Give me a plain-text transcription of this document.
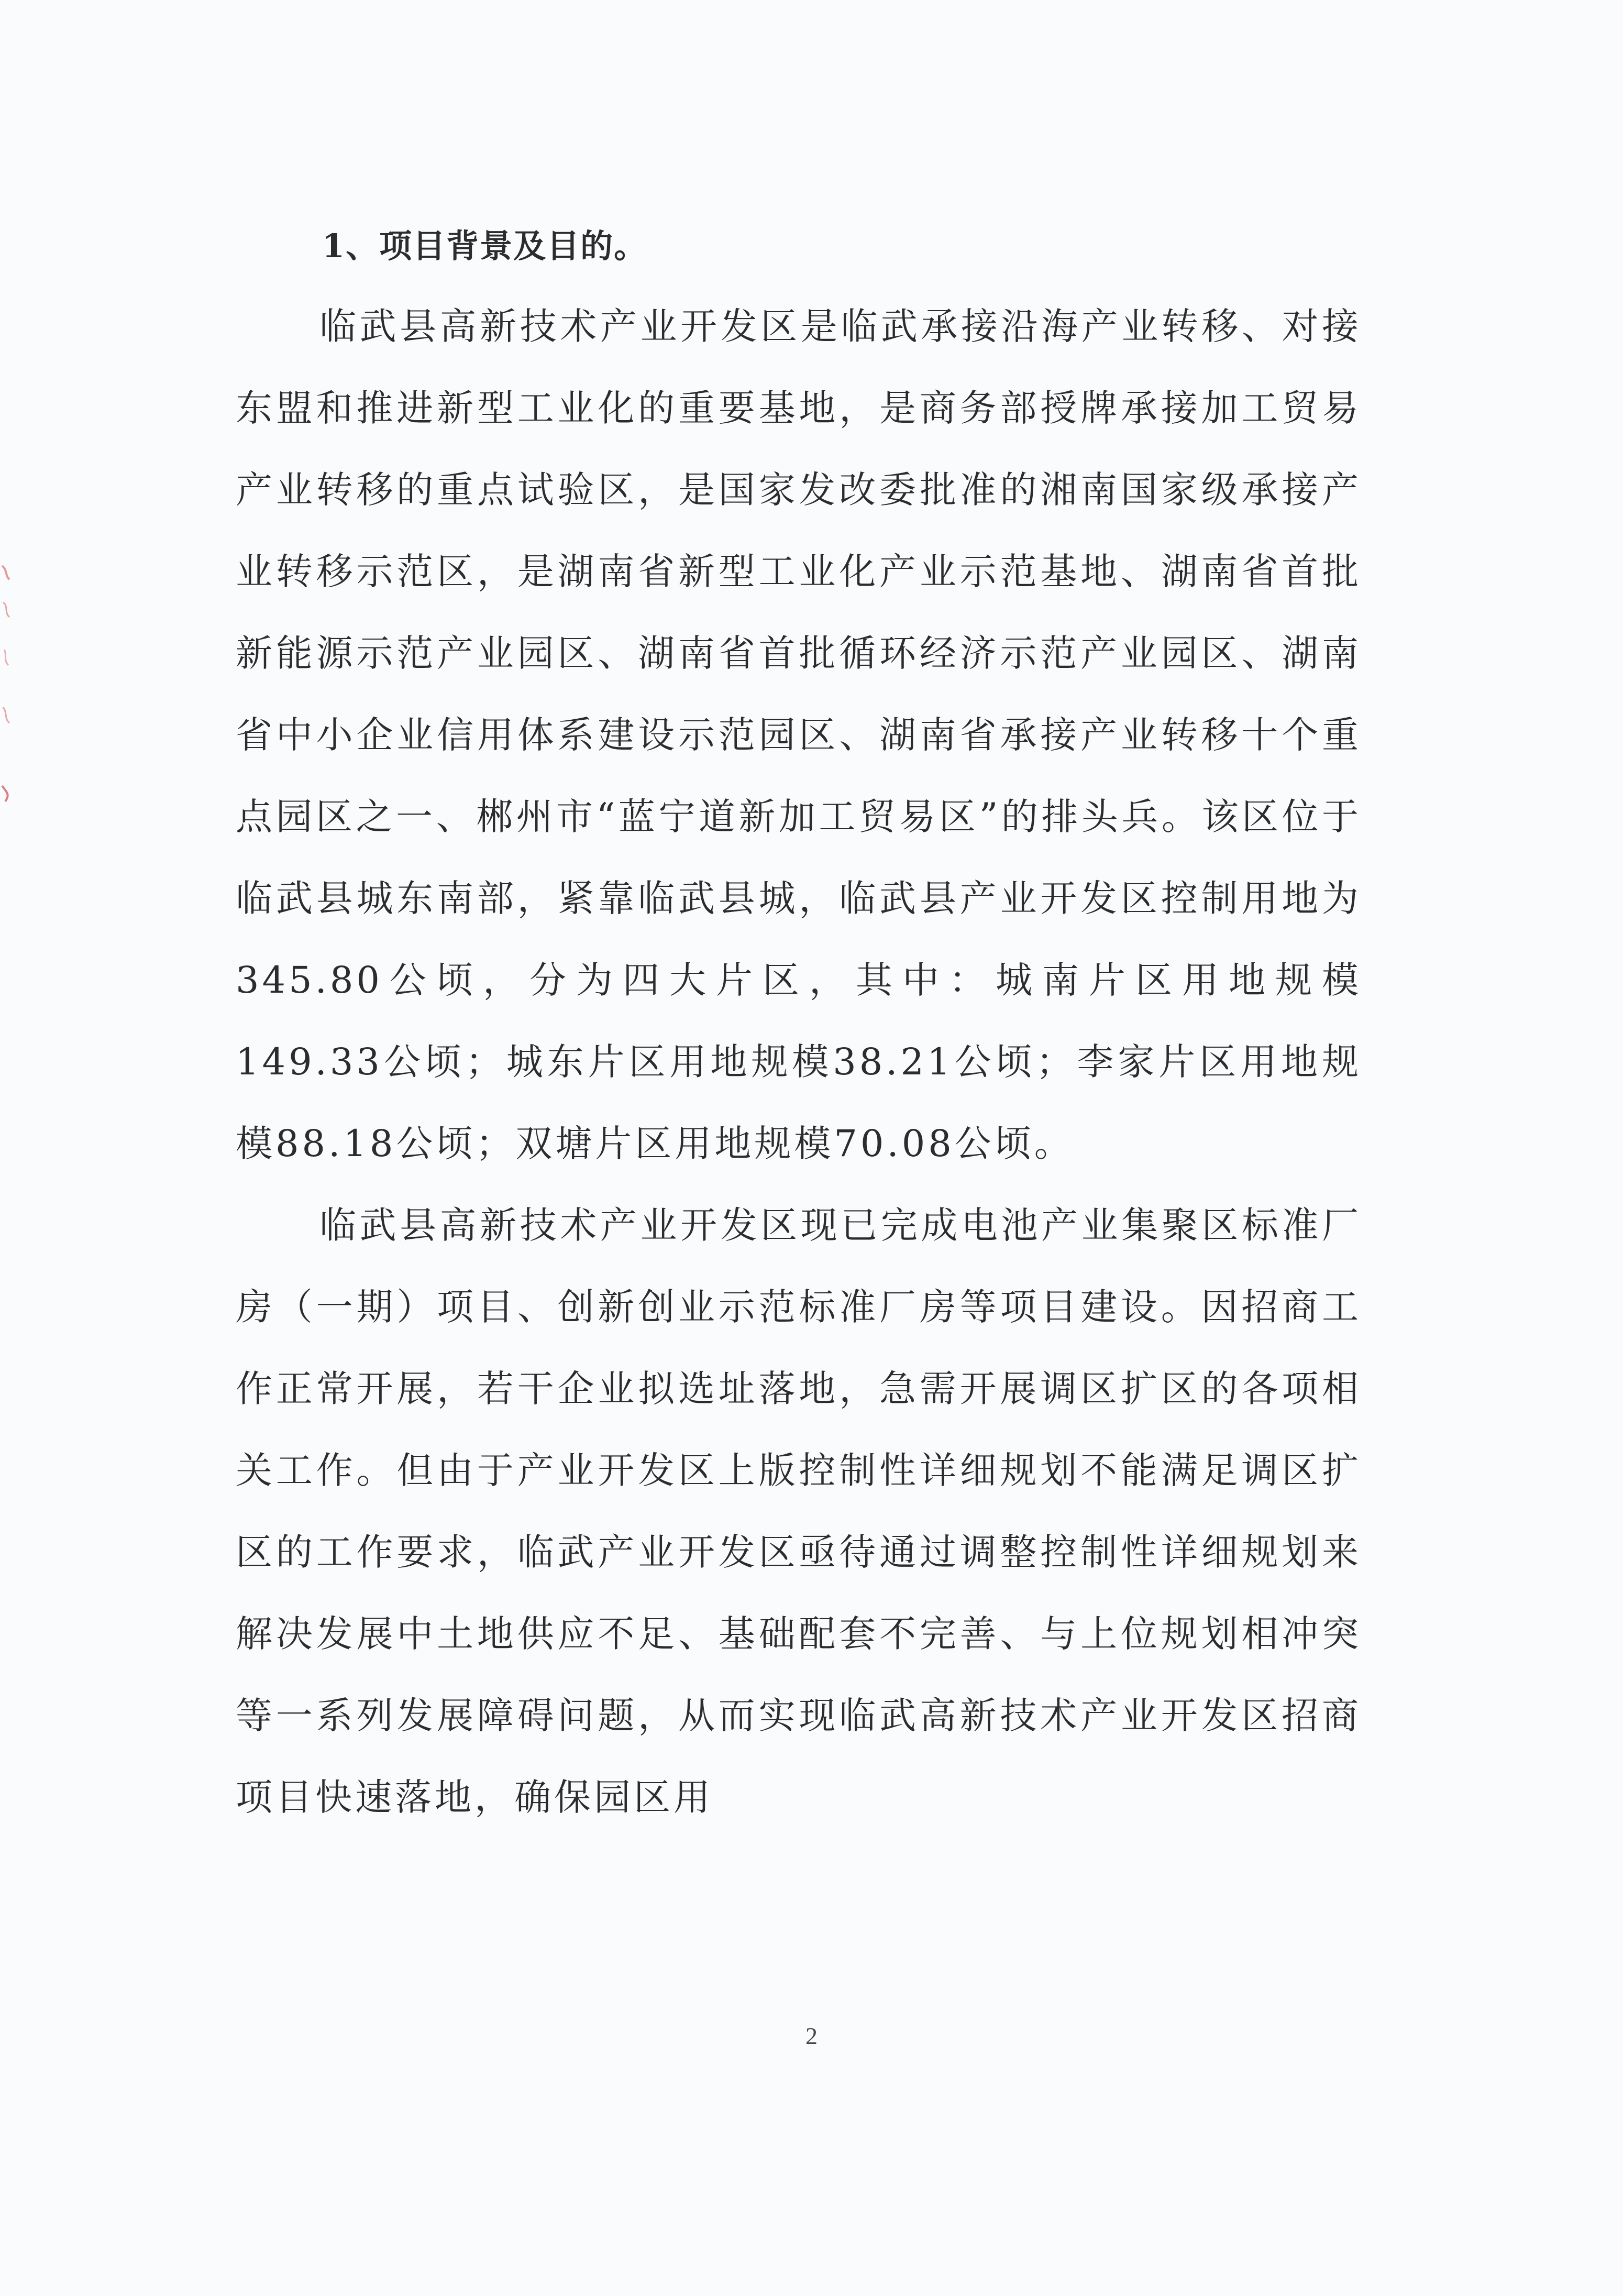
1、项目背景及目的。

临武县高新技术产业开发区是临武承接沿海产业转移、对接东盟和推进新型工业化的重要基地，是商务部授牌承接加工贸易产业转移的重点试验区，是国家发改委批准的湘南国家级承接产业转移示范区，是湖南省新型工业化产业示范基地、湖南省首批新能源示范产业园区、湖南省首批循环经济示范产业园区、湖南省中小企业信用体系建设示范园区、湖南省承接产业转移十个重点园区之一、郴州市“蓝宁道新加工贸易区”的排头兵。该区位于临武县城东南部，紧靠临武县城，临武县产业开发区控制用地为345.80公顷，分为四大片区，其中：城南片区用地规模149.33公顷；城东片区用地规模38.21公顷；李家片区用地规模88.18公顷；双塘片区用地规模70.08公顷。

临武县高新技术产业开发区现已完成电池产业集聚区标准厂房（一期）项目、创新创业示范标准厂房等项目建设。因招商工作正常开展，若干企业拟选址落地，急需开展调区扩区的各项相关工作。但由于产业开发区上版控制性详细规划不能满足调区扩区的工作要求，临武产业开发区亟待通过调整控制性详细规划来解决发展中土地供应不足、基础配套不完善、与上位规划相冲突等一系列发展障碍问题，从而实现临武高新技术产业开发区招商项目快速落地，确保园区用

2
